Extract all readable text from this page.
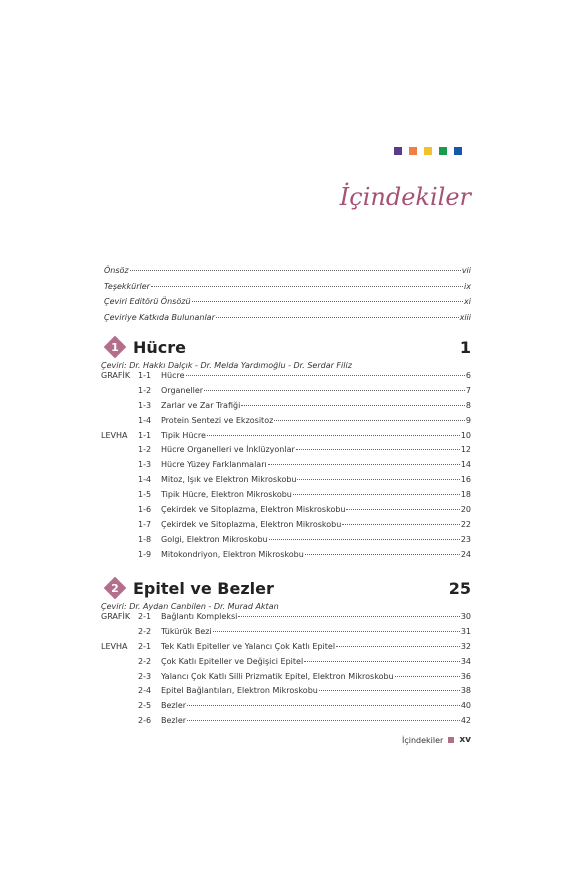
İçindekiler
Önsöz	vii
Teşekkürler	ix
Çeviri Editörü Önsözü	xi
Çeviriye Katkıda Bulunanlar	xiii
1 Hücre	1
Çeviri: Dr. Hakkı Dalçık - Dr. Melda Yardımoğlu - Dr. Serdar Filiz
GRAFİK 1-1 Hücre	6
1-2 Organeller	7
1-3 Zarlar ve Zar Trafiği	8
1-4 Protein Sentezi ve Ekzositoz	9
LEVHA 1-1 Tipik Hücre	10
1-2 Hücre Organelleri ve İnklüzyonlar	12
1-3 Hücre Yüzey Farklanmaları	14
1-4 Mitoz, Işık ve Elektron Mikroskobu	16
1-5 Tipik Hücre, Elektron Mikroskobu	18
1-6 Çekirdek ve Sitoplazma, Elektron Miskroskobu	20
1-7 Çekirdek ve Sitoplazma, Elektron Mikroskobu	22
1-8 Golgi, Elektron Mikroskobu	23
1-9 Mitokondriyon, Elektron Mikroskobu	24
2 Epitel ve Bezler	25
Çeviri: Dr. Aydan Canbilen - Dr. Murad Aktan
GRAFİK 2-1 Bağlantı Kompleksi	30
2-2 Tükürük Bezi	31
LEVHA 2-1 Tek Katlı Epiteller ve Yalancı Çok Katlı Epitel	32
2-2 Çok Katlı Epiteller ve Değişici Epitel	34
2-3 Yalancı Çok Katlı Silli Prizmatik Epitel, Elektron Mikroskobu	36
2-4 Epitel Bağlantıları, Elektron Mikroskobu	38
2-5 Bezler	40
2-6 Bezler	42
İçindekiler xv
